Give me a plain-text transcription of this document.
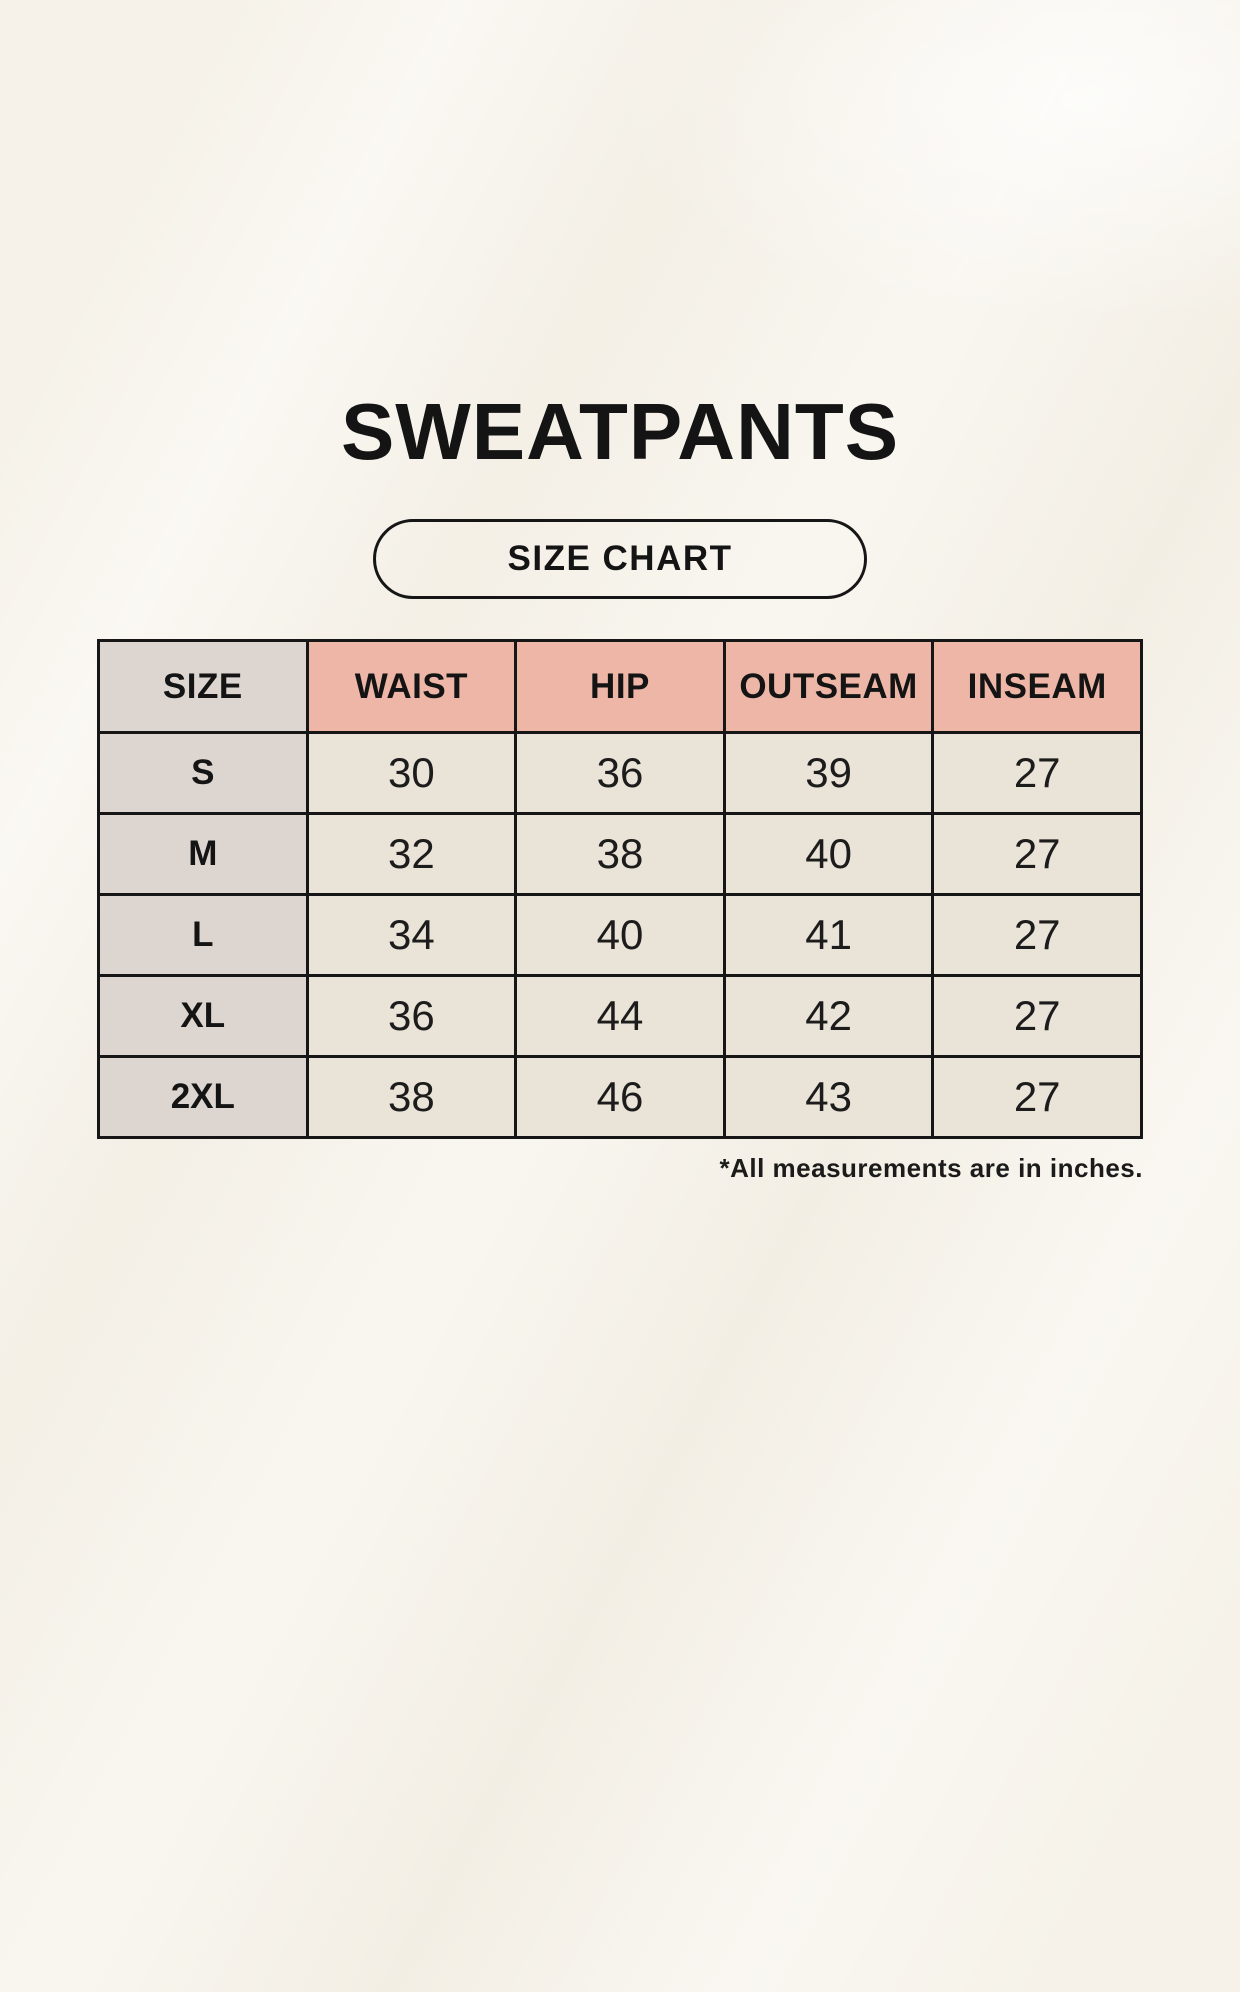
SWEATPANTS
SIZE CHART
SIZE	WAIST	HIP	OUTSEAM	INSEAM
S	30	36	39	27
M	32	38	40	27
L	34	40	41	27
XL	36	44	42	27
2XL	38	46	43	27

*All measurements are in inches.
